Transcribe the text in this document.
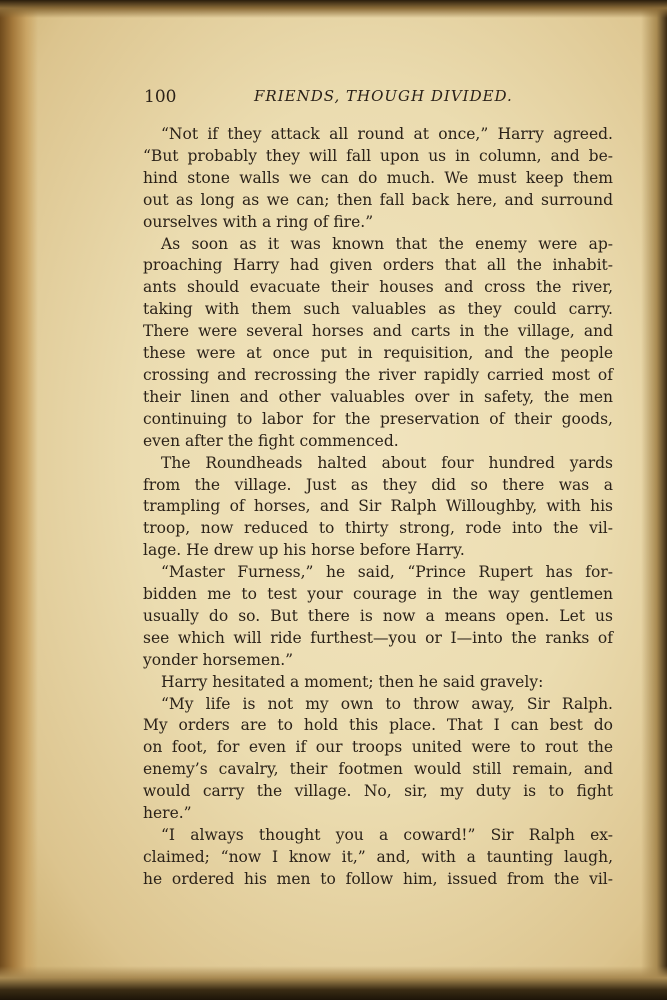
100	FRIENDS, THOUGH DIVIDED.
“Not if they attack all round at once,” Harry agreed.
“But probably they will fall upon us in column, and be-
hind stone walls we can do much. We must keep them
out as long as we can; then fall back here, and surround
ourselves with a ring of fire.”
As soon as it was known that the enemy were ap-
proaching Harry had given orders that all the inhabit-
ants should evacuate their houses and cross the river,
taking with them such valuables as they could carry.
There were several horses and carts in the village, and
these were at once put in requisition, and the people
crossing and recrossing the river rapidly carried most of
their linen and other valuables over in safety, the men
continuing to labor for the preservation of their goods,
even after the fight commenced.
The Roundheads halted about four hundred yards
from the village. Just as they did so there was a
trampling of horses, and Sir Ralph Willoughby, with his
troop, now reduced to thirty strong, rode into the vil-
lage. He drew up his horse before Harry.
“Master Furness,” he said, “Prince Rupert has for-
bidden me to test your courage in the way gentlemen
usually do so. But there is now a means open. Let us
see which will ride furthest—you or I—into the ranks of
yonder horsemen.”
Harry hesitated a moment; then he said gravely:
“My life is not my own to throw away, Sir Ralph.
My orders are to hold this place. That I can best do
on foot, for even if our troops united were to rout the
enemy’s cavalry, their footmen would still remain, and
would carry the village. No, sir, my duty is to fight
here.”
“I always thought you a coward!” Sir Ralph ex-
claimed; “now I know it,” and, with a taunting laugh,
he ordered his men to follow him, issued from the vil-
